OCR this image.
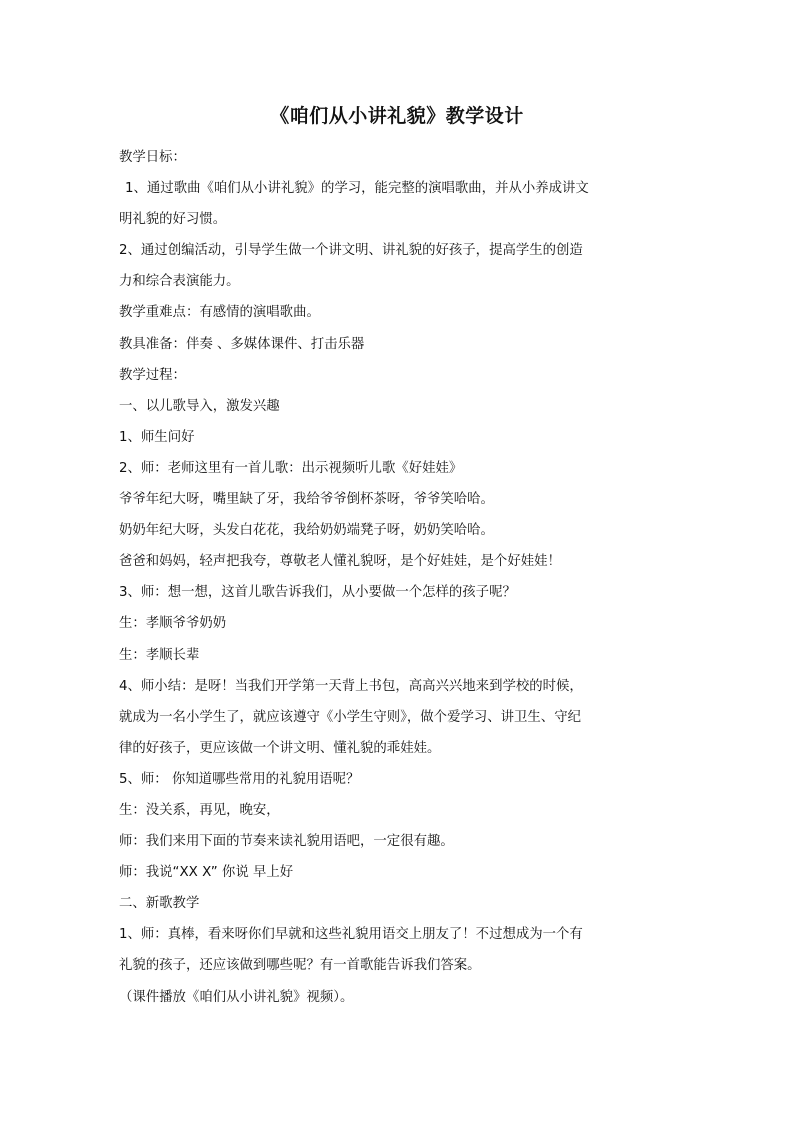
《咱们从小讲礼貌》教学设计
教学日标：
1、通过歌曲《咱们从小讲礼貌》的学习，能完整的演唱歌曲，并从小养成讲文
明礼貌的好习惯。
2、通过创编活动，引导学生做一个讲文明、讲礼貌的好孩子，提高学生的创造
力和综合表演能力。
教学重难点：有感情的演唱歌曲。
教具准备：伴奏 、多媒体课件、打击乐器
教学过程：
一、以儿歌导入，激发兴趣
1、师生问好
2、师：老师这里有一首儿歌：出示视频听儿歌《好娃娃》
爷爷年纪大呀，嘴里缺了牙，我给爷爷倒杯茶呀，爷爷笑哈哈。
奶奶年纪大呀，头发白花花，我给奶奶端凳子呀，奶奶笑哈哈。
爸爸和妈妈，轻声把我夸，尊敬老人懂礼貌呀，是个好娃娃，是个好娃娃！
3、师：想一想，这首儿歌告诉我们，从小要做一个怎样的孩子呢？
生：孝顺爷爷奶奶
生：孝顺长辈
4、师小结：是呀！当我们开学第一天背上书包，高高兴兴地来到学校的时候，
就成为一名小学生了，就应该遵守《小学生守则》，做个爱学习、讲卫生、守纪
律的好孩子，更应该做一个讲文明、懂礼貌的乖娃娃。
5、师： 你知道哪些常用的礼貌用语呢？
生：没关系，再见，晚安，
师：我们来用下面的节奏来读礼貌用语吧，一定很有趣。
师：我说“XX X” 你说 早上好
二、新歌教学
1、师：真棒，看来呀你们早就和这些礼貌用语交上朋友了！不过想成为一个有
礼貌的孩子，还应该做到哪些呢？有一首歌能告诉我们答案。
（课件播放《咱们从小讲礼貌》视频）。
